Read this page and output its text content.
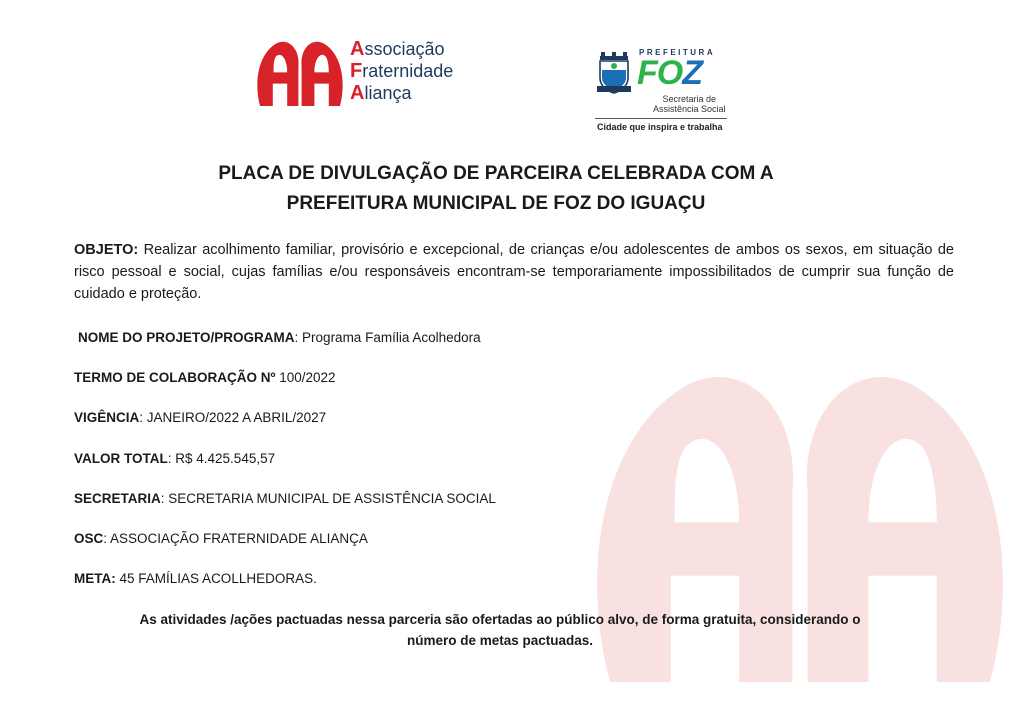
Associação
Fraternidade
Aliança
PREFEITURA
FOZ
Secretaria de
Assistência Social
Cidade que inspira e trabalha
PLACA DE DIVULGAÇÃO DE PARCEIRA CELEBRADA COM A
PREFEITURA MUNICIPAL DE FOZ DO IGUAÇU

OBJETO: Realizar acolhimento familiar, provisório e excepcional, de crianças e/ou adolescentes de ambos os sexos, em situação de risco pessoal e social, cujas famílias e/ou responsáveis encontram-se temporariamente impossibilitados de cumprir sua função de cuidado e proteção.

NOME DO PROJETO/PROGRAMA: Programa Família Acolhedora

TERMO DE COLABORAÇÃO Nº 100/2022

VIGÊNCIA: JANEIRO/2022 A ABRIL/2027

VALOR TOTAL: R$ 4.425.545,57

SECRETARIA: SECRETARIA MUNICIPAL DE ASSISTÊNCIA SOCIAL

OSC: ASSOCIAÇÃO FRATERNIDADE ALIANÇA

META: 45 FAMÍLIAS ACOLLHEDORAS.

As atividades /ações pactuadas nessa parceria são ofertadas ao público alvo, de forma gratuita, considerando o
número de metas pactuadas.
